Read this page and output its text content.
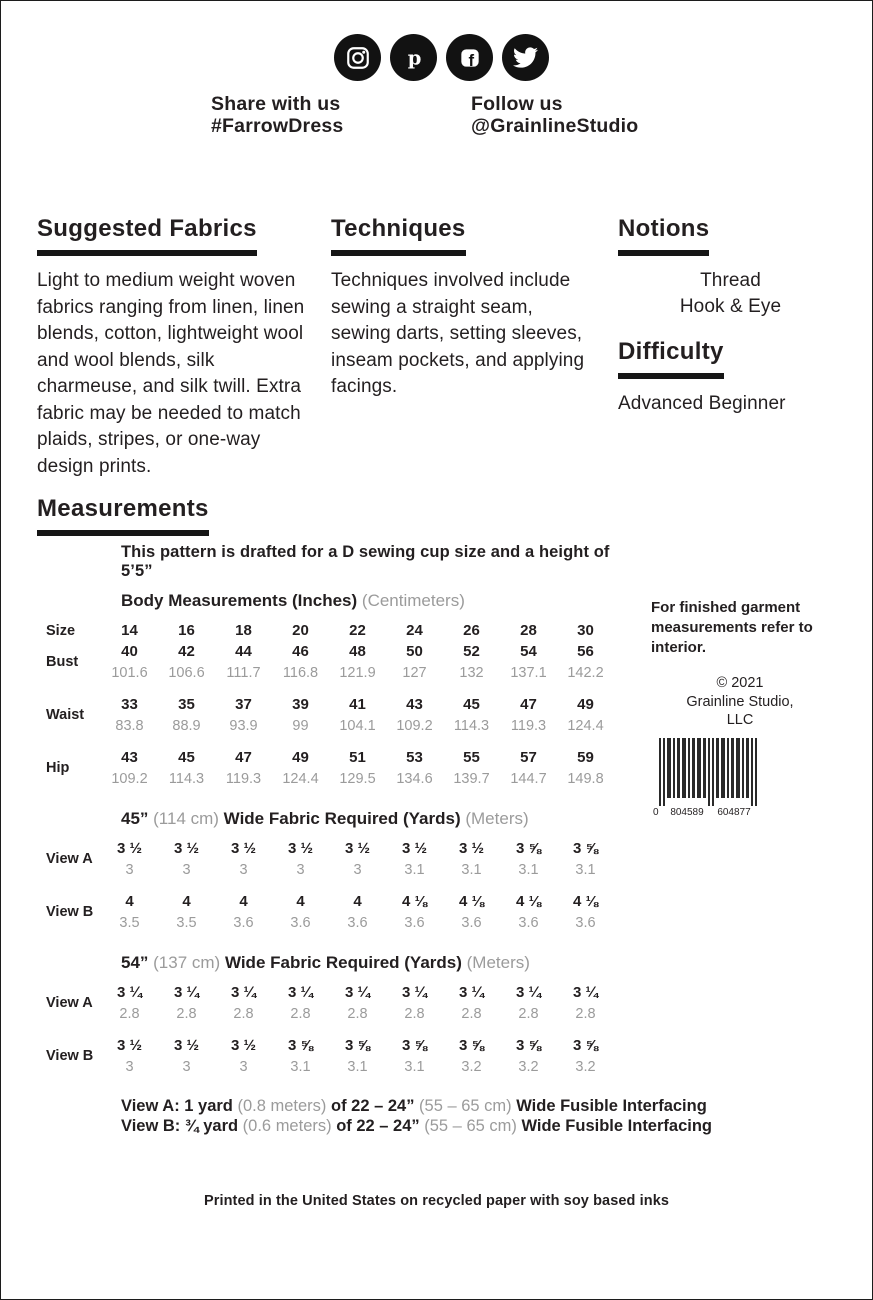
p	f
Share with us
#FarrowDress
Follow us
@GrainlineStudio
Suggested Fabrics
Light to medium weight woven fabrics ranging from linen, linen blends, cotton, lightweight wool and wool blends, silk charmeuse, and silk twill. Extra fabric may be needed to match plaids, stripes, or one-way design prints.
Techniques
Techniques involved include sewing a straight seam, sewing darts, setting sleeves, inseam pockets, and applying facings.
Notions
Thread
Hook & Eye
Difficulty
Advanced Beginner
Measurements
This pattern is drafted for a D sewing cup size and a height of 5’5”
Body Measurements (Inches) (Centimeters)
Size	14	16	18	20	22	24	26	28	30
Bust
40	42	44	46	48	50	52	54	56
101.6	106.6	111.7	116.8	121.9	127	132	137.1	142.2
Waist
33	35	37	39	41	43	45	47	49
83.8	88.9	93.9	99	104.1	109.2	114.3	119.3	124.4
Hip
43	45	47	49	51	53	55	57	59
109.2	114.3	119.3	124.4	129.5	134.6	139.7	144.7	149.8
45” (114 cm) Wide Fabric Required (Yards) (Meters)
View A
3 ½	3 ½	3 ½	3 ½	3 ½	3 ½	3 ½	3 ⅝	3 ⅝
3	3	3	3	3	3.1	3.1	3.1	3.1
View B
4	4	4	4	4	4 ⅛	4 ⅛	4 ⅛	4 ⅛
3.5	3.5	3.6	3.6	3.6	3.6	3.6	3.6	3.6
54” (137 cm) Wide Fabric Required (Yards) (Meters)
View A
3 ¼	3 ¼	3 ¼	3 ¼	3 ¼	3 ¼	3 ¼	3 ¼	3 ¼
2.8	2.8	2.8	2.8	2.8	2.8	2.8	2.8	2.8
View B
3 ½	3 ½	3 ½	3 ⅝	3 ⅝	3 ⅝	3 ⅝	3 ⅝	3 ⅝
3	3	3	3.1	3.1	3.1	3.2	3.2	3.2
View A: 1 yard (0.8 meters) of 22 – 24” (55 – 65 cm) Wide Fusible Interfacing
View B: ¾ yard (0.6 meters) of 22 – 24” (55 – 65 cm) Wide Fusible Interfacing
For finished garment measurements refer to interior.
© 2021
Grainline Studio,
LLC
0 804589 604877
Printed in the United States on recycled paper with soy based inks
